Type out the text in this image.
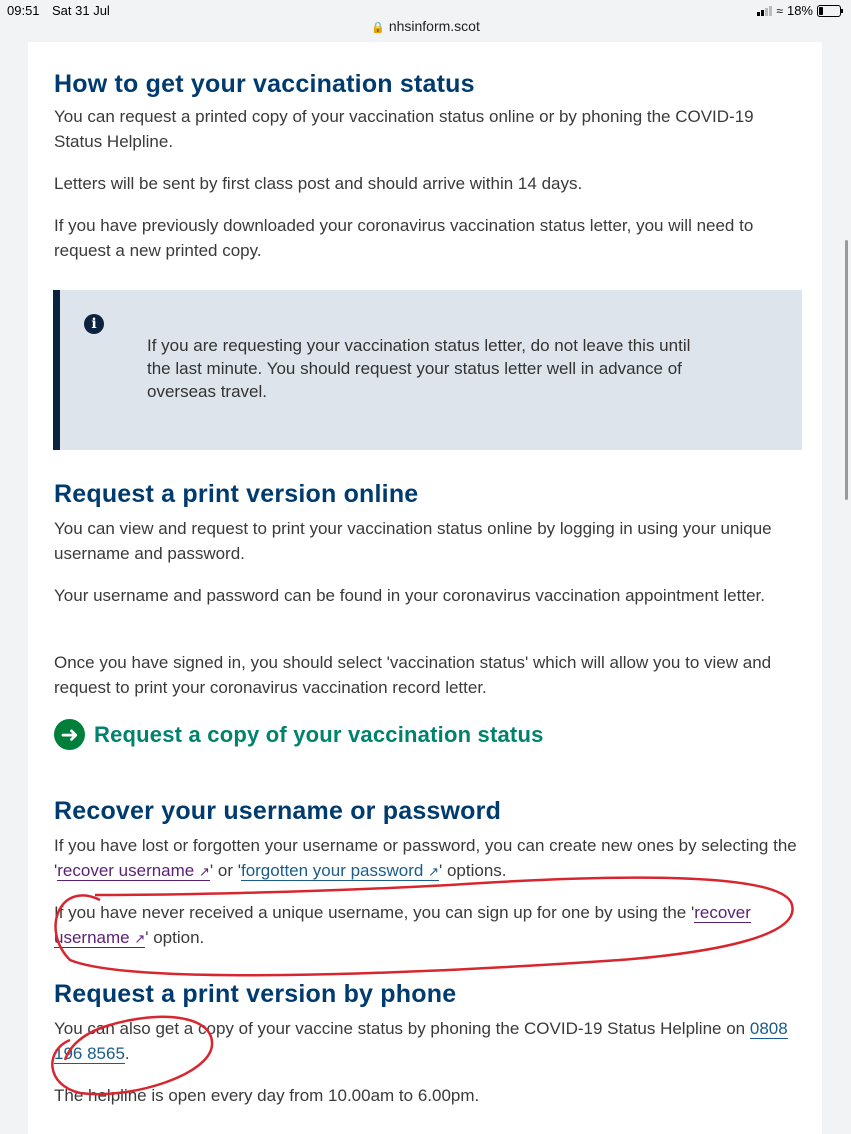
09:51 Sat 31 Jul	≈ 18%
🔒 nhsinform.scot
How to get your vaccination status

You can request a printed copy of your vaccination status online or by phoning the COVID-19 Status Helpline.

Letters will be sent by first class post and should arrive within 14 days.

If you have previously downloaded your coronavirus vaccination status letter, you will need to request a new printed copy.

i
If you are requesting your vaccination status letter, do not leave this until the last minute. You should request your status letter well in advance of overseas travel.
Request a print version online

You can view and request to print your vaccination status online by logging in using your unique username and password.

Your username and password can be found in your coronavirus vaccination appointment letter.

Once you have signed in, you should select 'vaccination status' which will allow you to view and request to print your coronavirus vaccination record letter.

➜ Request a copy of your vaccination status
Recover your username or password

If you have lost or forgotten your username or password, you can create new ones by selecting the 'recover username ↗' or 'forgotten your password ↗' options.

If you have never received a unique username, you can sign up for one by using the 'recover username ↗' option.

Request a print version by phone

You can also get a copy of your vaccine status by phoning the COVID-19 Status Helpline on 0808 196 8565.

The helpline is open every day from 10.00am to 6.00pm.
